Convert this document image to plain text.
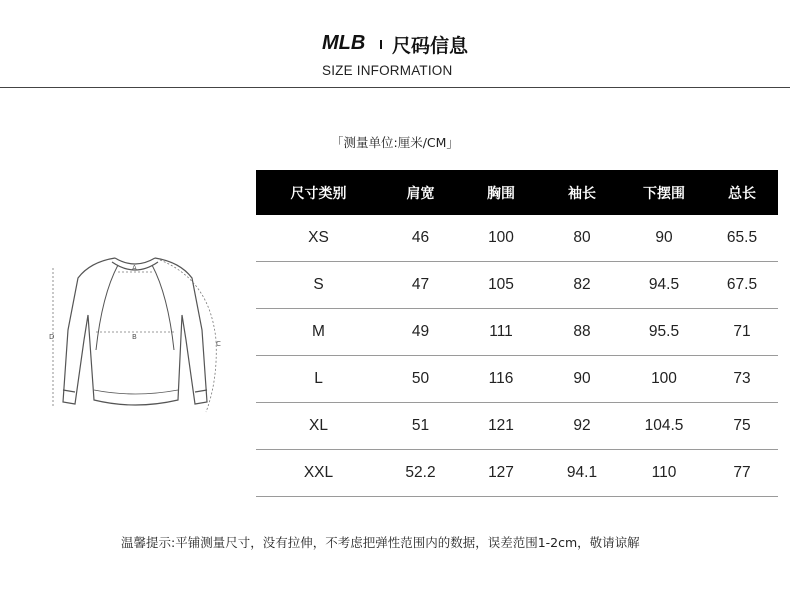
MLB 尺码信息
SIZE INFORMATION
「测量单位:厘米/CM」
A
B
C
D
尺寸类别	肩宽	胸围	袖长	下摆围	总长
XS	46	100	80	90	65.5
S	47	105	82	94.5	67.5
M	49	111	88	95.5	71
L	50	116	90	100	73
XL	51	121	92	104.5	75
XXL	52.2	127	94.1	110	77
温馨提示:平铺测量尺寸，没有拉伸，不考虑把弹性范围内的数据，误差范围1-2cm，敬请谅解
